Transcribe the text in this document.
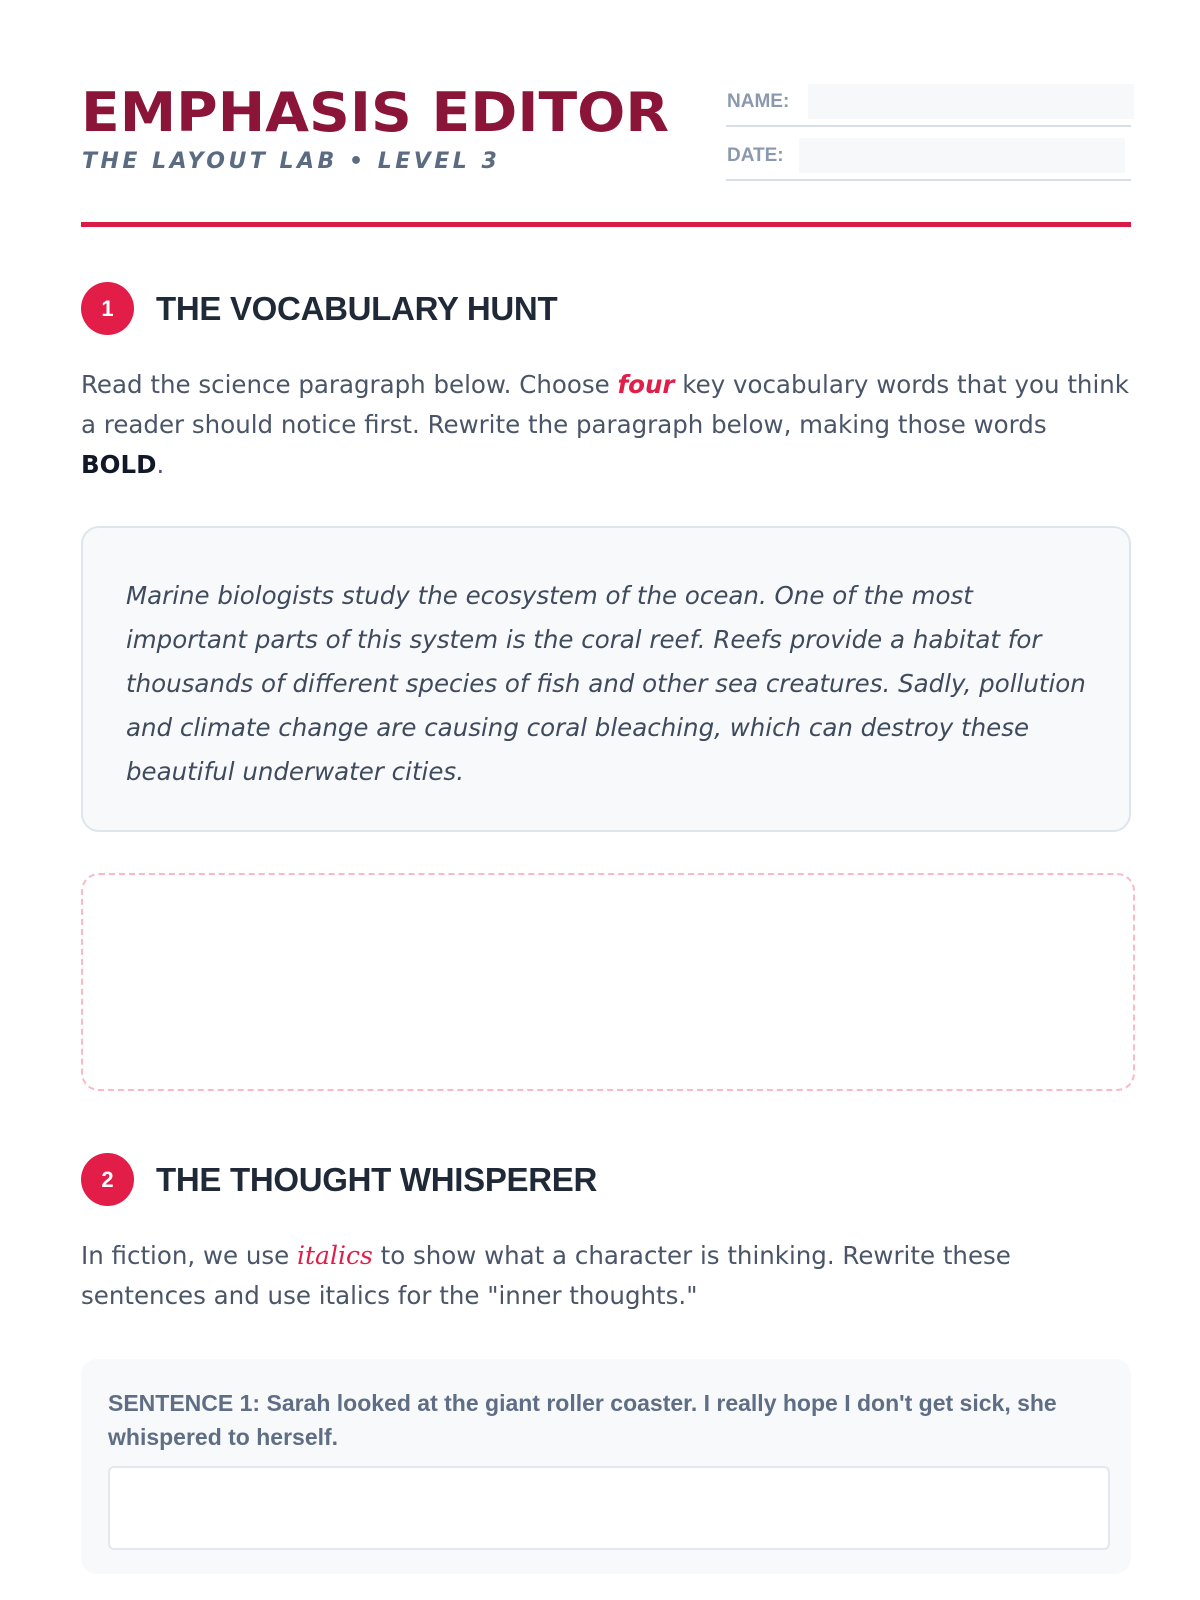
EMPHASIS EDITOR
THE LAYOUT LAB • LEVEL 3
NAME:
DATE:
1	THE VOCABULARY HUNT
Read the science paragraph below. Choose four key vocabulary words that you think a reader should notice first. Rewrite the paragraph below, making those words BOLD.
Marine biologists study the ecosystem of the ocean. One of the most important parts of this system is the coral reef. Reefs provide a habitat for thousands of different species of fish and other sea creatures. Sadly, pollution and climate change are causing coral bleaching, which can destroy these beautiful underwater cities.
2	THE THOUGHT WHISPERER
In fiction, we use italics to show what a character is thinking. Rewrite these sentences and use italics for the "inner thoughts."
SENTENCE 1: Sarah looked at the giant roller coaster. I really hope I don't get sick, she whispered to herself.
